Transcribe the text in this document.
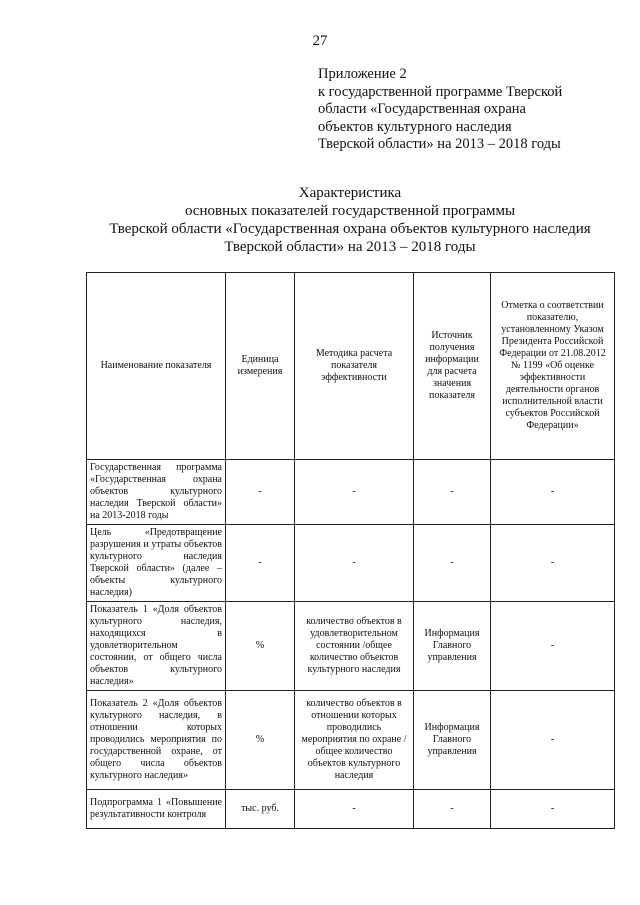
27
Приложение 2
к государственной программе Тверской
области «Государственная охрана
объектов культурного наследия
Тверской области» на 2013 – 2018 годы
Характеристика
основных показателей государственной программы
Тверской области «Государственная охрана объектов культурного наследия
Тверской области» на 2013 – 2018 годы
Наименование показателя	Единица измерения	Методика расчета показателя эффективности	Источник получения информации для расчета значения показателя	Отметка о соответствии показателю, установленному Указом Президента Российской Федерации от 21.08.2012 № 1199 «Об оценке эффективности деятельности органов исполнительной власти субъектов Российской Федерации»
Государственная программа «Государственная охрана объектов культурного наследия Тверской области» на 2013-2018 годы	-	-	-	-
Цель «Предотвращение разрушения и утраты объектов культурного наследия Тверской области» (далее – объекты культурного наследия)	-	-	-	-
Показатель 1 «Доля объектов культурного наследия, находящихся в удовлетворительном состоянии, от общего числа объектов культурного наследия»	%	количество объектов в удовлетворительном состоянии /общее количество объектов культурного наследия	Информация Главного управления	-
Показатель 2 «Доля объектов культурного наследия, в отношении которых проводились мероприятия по государственной охране, от общего числа объектов культурного наследия»	%	количество объектов в отношении которых проводились мероприятия по охране /общее количество объектов культурного наследия	Информация Главного управления	-
Подпрограмма 1 «Повышение результативности контроля	тыс. руб.	-	-	-
